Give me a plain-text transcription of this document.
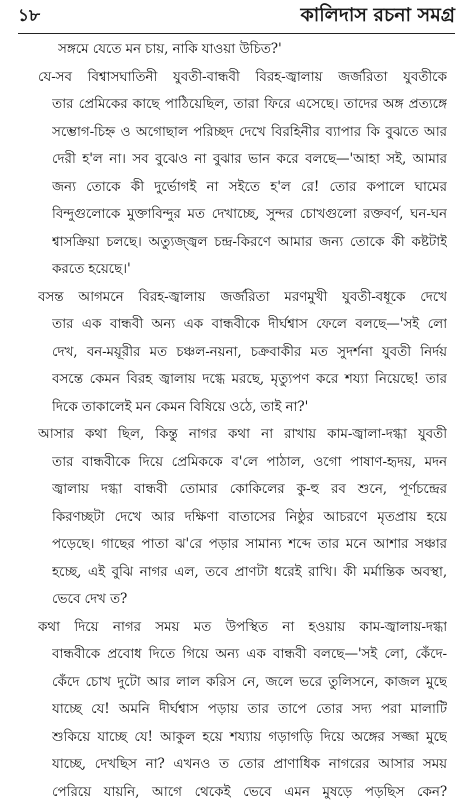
১৮	কালিদাস রচনা সমগ্র
সঙ্গমে যেতে মন চায়, নাকি যাওয়া উচিত?'
যে-সব বিশ্বাসঘাতিনী যুবতী-বান্ধবী বিরহ-জ্বালায় জর্জরিতা যুবতীকে
তার প্রেমিকের কাছে পাঠিয়েছিল, তারা ফিরে এসেছে। তাদের অঙ্গ প্রত্যঙ্গে
সম্ভোগ-চিহ্ন ও অগোছাল পরিচ্ছদ দেখে বিরহিনীর ব্যাপার কি বুঝতে আর
দেরী হ'ল না। সব বুঝেও না বুঝার ভান করে বলছে—'আহা সই, আমার
জন্য তোকে কী দুর্ভোগই না সইতে হ'ল রে! তোর কপালে ঘামের
বিন্দুগুলোকে মুক্তাবিন্দুর মত দেখাচ্ছে, সুন্দর চোখগুলো রক্তবর্ণ, ঘন-ঘন
শ্বাসক্রিয়া চলছে। অত্যুজ্জ্বল চন্দ্র-কিরণে আমার জন্য তোকে কী কষ্টটাই
করতে হয়েছে।'
বসন্ত আগমনে বিরহ-জ্বালায় জর্জরিতা মরণমুখী যুবতী-বধূকে দেখে
তার এক বান্ধবী অন্য এক বান্ধবীকে দীর্ঘশ্বাস ফেলে বলছে—'সই লো
দেখ, বন-ময়ূরীর মত চঞ্চল-নয়না, চক্রবাকীর মত সুদর্শনা যুবতী নির্দয়
বসন্তে কেমন বিরহ জ্বালায় দগ্ধে মরছে, মৃত্যুপণ করে শয্যা নিয়েছে! তার
দিকে তাকালেই মন কেমন বিষিয়ে ওঠে, তাই না?'
আসার কথা ছিল, কিন্তু নাগর কথা না রাখায় কাম-জ্বালা-দগ্ধা যুবতী
তার বান্ধবীকে দিয়ে প্রেমিককে ব'লে পাঠাল, ওগো পাষাণ-হৃদয়, মদন
জ্বালায় দগ্ধা বান্ধবী তোমার কোকিলের কু-হু রব শুনে, পূর্ণচন্দ্রের
কিরণচ্ছটা দেখে আর দক্ষিণা বাতাসের নিষ্ঠুর আচরণে মৃতপ্রায় হয়ে
পড়েছে। গাছের পাতা ঝ'রে পড়ার সামান্য শব্দে তার মনে আশার সঞ্চার
হচ্ছে, এই বুঝি নাগর এল, তবে প্রাণটা ধরেই রাখি। কী মর্মান্তিক অবস্থা,
ভেবে দেখ ত?
কথা দিয়ে নাগর সময় মত উপস্থিত না হওয়ায় কাম-জ্বালায়-দগ্ধা
বান্ধবীকে প্রবোধ দিতে গিয়ে অন্য এক বান্ধবী বলছে—'সই লো, কেঁদে-
কেঁদে চোখ দুটো আর লাল করিস নে, জলে ভরে তুলিসনে, কাজল মুছে
যাচ্ছে যে! অমনি দীর্ঘশ্বাস পড়ায় তার তাপে তোর সদ্য পরা মালাটি
শুকিয়ে যাচ্ছে যে! আকুল হয়ে শয্যায় গড়াগড়ি দিয়ে অঙ্গের সজ্জা মুছে
যাচ্ছে, দেখছিস না? এখনও ত তোর প্রাণাধিক নাগরের আসার সময়
পেরিয়ে যায়নি, আগে থেকেই ভেবে এমন মুষড়ে পড়ছিস কেন?
